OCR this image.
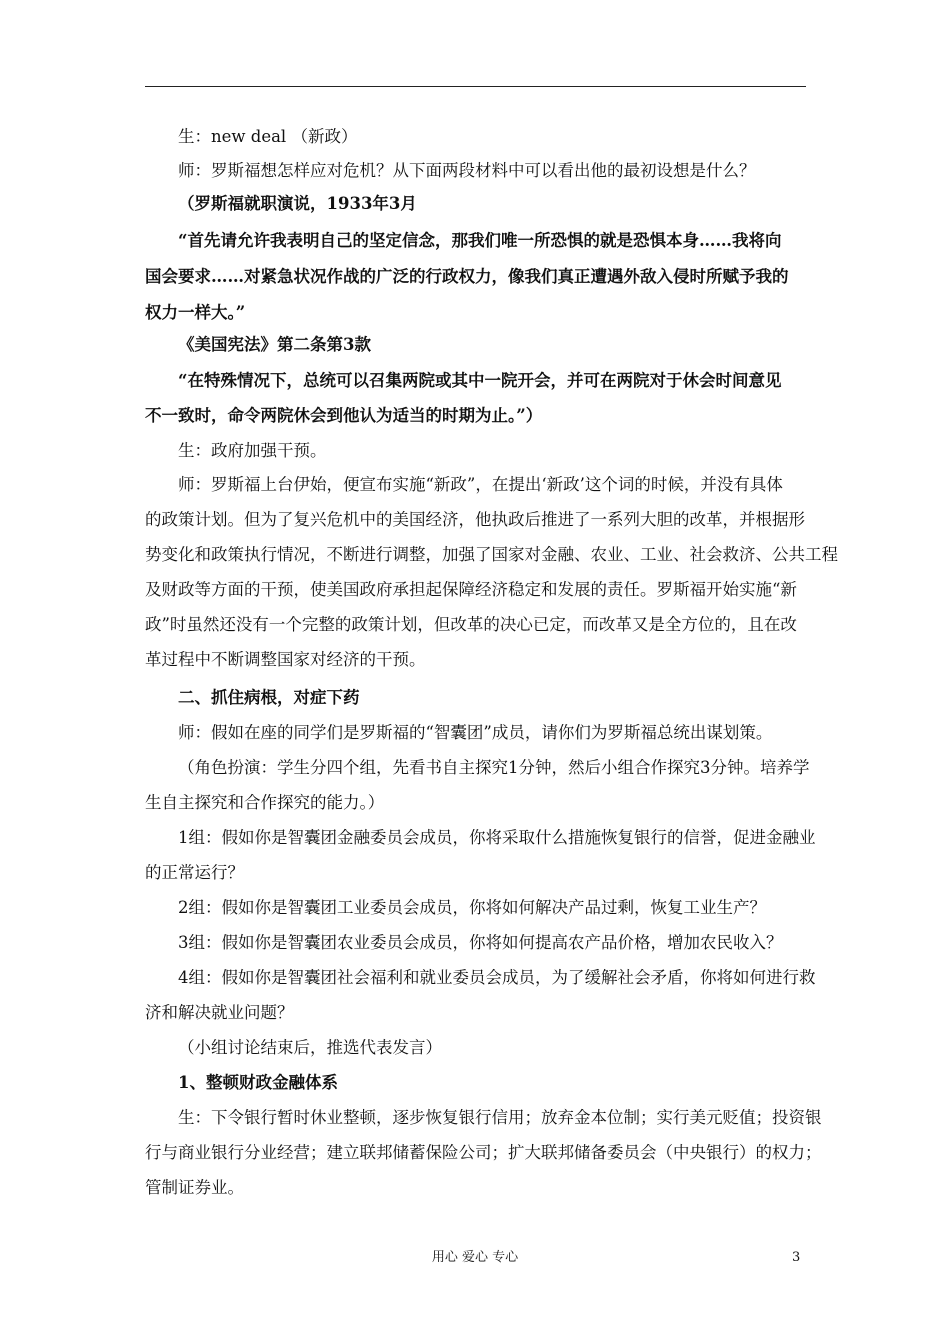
生：new deal （新政）
师：罗斯福想怎样应对危机？从下面两段材料中可以看出他的最初设想是什么？
（罗斯福就职演说，1933年3月
“首先请允许我表明自己的坚定信念，那我们唯一所恐惧的就是恐惧本身……我将向
国会要求……对紧急状况作战的广泛的行政权力，像我们真正遭遇外敌入侵时所赋予我的
权力一样大。”
《美国宪法》第二条第3款
“在特殊情况下，总统可以召集两院或其中一院开会，并可在两院对于休会时间意见
不一致时，命令两院休会到他认为适当的时期为止。”）
生：政府加强干预。
师：罗斯福上台伊始，便宣布实施“新政”，在提出‘新政’这个词的时候，并没有具体
的政策计划。但为了复兴危机中的美国经济，他执政后推进了一系列大胆的改革，并根据形
势变化和政策执行情况，不断进行调整，加强了国家对金融、农业、工业、社会救济、公共工程
及财政等方面的干预，使美国政府承担起保障经济稳定和发展的责任。罗斯福开始实施“新
政”时虽然还没有一个完整的政策计划，但改革的决心已定，而改革又是全方位的，且在改
革过程中不断调整国家对经济的干预。
二、抓住病根，对症下药
师：假如在座的同学们是罗斯福的“智囊团”成员，请你们为罗斯福总统出谋划策。
（角色扮演：学生分四个组，先看书自主探究1分钟，然后小组合作探究3分钟。培养学
生自主探究和合作探究的能力。）
1组：假如你是智囊团金融委员会成员，你将采取什么措施恢复银行的信誉，促进金融业
的正常运行？
2组：假如你是智囊团工业委员会成员，你将如何解决产品过剩，恢复工业生产？
3组：假如你是智囊团农业委员会成员，你将如何提高农产品价格，增加农民收入？
4组：假如你是智囊团社会福利和就业委员会成员，为了缓解社会矛盾，你将如何进行救
济和解决就业问题？
（小组讨论结束后，推选代表发言）
1、整顿财政金融体系
生：下令银行暂时休业整顿，逐步恢复银行信用；放弃金本位制；实行美元贬值；投资银
行与商业银行分业经营；建立联邦储蓄保险公司；扩大联邦储备委员会（中央银行）的权力；
管制证券业。
用心 爱心 专心	3
